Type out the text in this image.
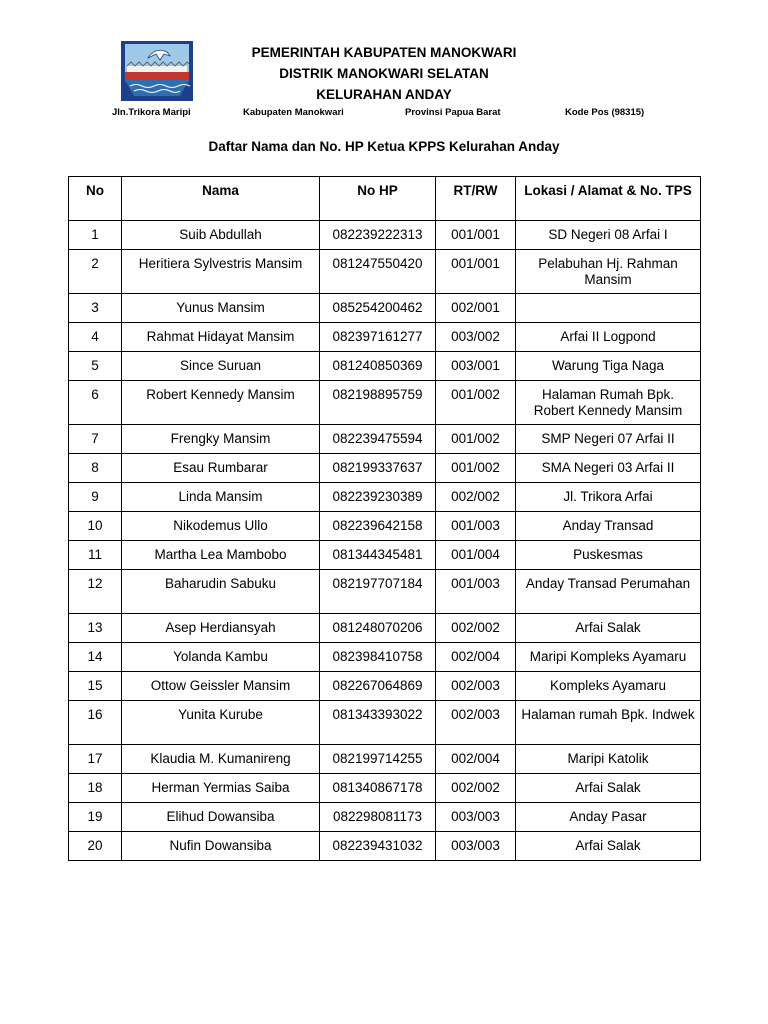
PEMERINTAH KABUPATEN MANOKWARI
DISTRIK MANOKWARI SELATAN
KELURAHAN ANDAY
Jln.Trikora Maripi	Kabupaten Manokwari	Provinsi Papua Barat	Kode Pos (98315)
Daftar Nama dan No. HP Ketua KPPS Kelurahan Anday
No	Nama	No HP	RT/RW	Lokasi / Alamat & No. TPS
1	Suib Abdullah	082239222313	001/001	SD Negeri 08 Arfai I
2	Heritiera Sylvestris Mansim	081247550420	001/001	Pelabuhan Hj. Rahman Mansim
3	Yunus Mansim	085254200462	002/001	
4	Rahmat Hidayat Mansim	082397161277	003/002	Arfai II Logpond
5	Since Suruan	081240850369	003/001	Warung Tiga Naga
6	Robert Kennedy Mansim	082198895759	001/002	Halaman Rumah Bpk. Robert Kennedy Mansim
7	Frengky Mansim	082239475594	001/002	SMP Negeri 07 Arfai II
8	Esau Rumbarar	082199337637	001/002	SMA Negeri 03 Arfai II
9	Linda Mansim	082239230389	002/002	Jl. Trikora Arfai
10	Nikodemus Ullo	082239642158	001/003	Anday Transad
11	Martha Lea Mambobo	081344345481	001/004	Puskesmas
12	Baharudin Sabuku	082197707184	001/003	Anday Transad Perumahan
13	Asep Herdiansyah	081248070206	002/002	Arfai Salak
14	Yolanda Kambu	082398410758	002/004	Maripi Kompleks Ayamaru
15	Ottow Geissler Mansim	082267064869	002/003	Kompleks Ayamaru
16	Yunita Kurube	081343393022	002/003	Halaman rumah Bpk. Indwek
17	Klaudia M. Kumanireng	082199714255	002/004	Maripi Katolik
18	Herman Yermias Saiba	081340867178	002/002	Arfai Salak
19	Elihud Dowansiba	082298081173	003/003	Anday Pasar
20	Nufin Dowansiba	082239431032	003/003	Arfai Salak
